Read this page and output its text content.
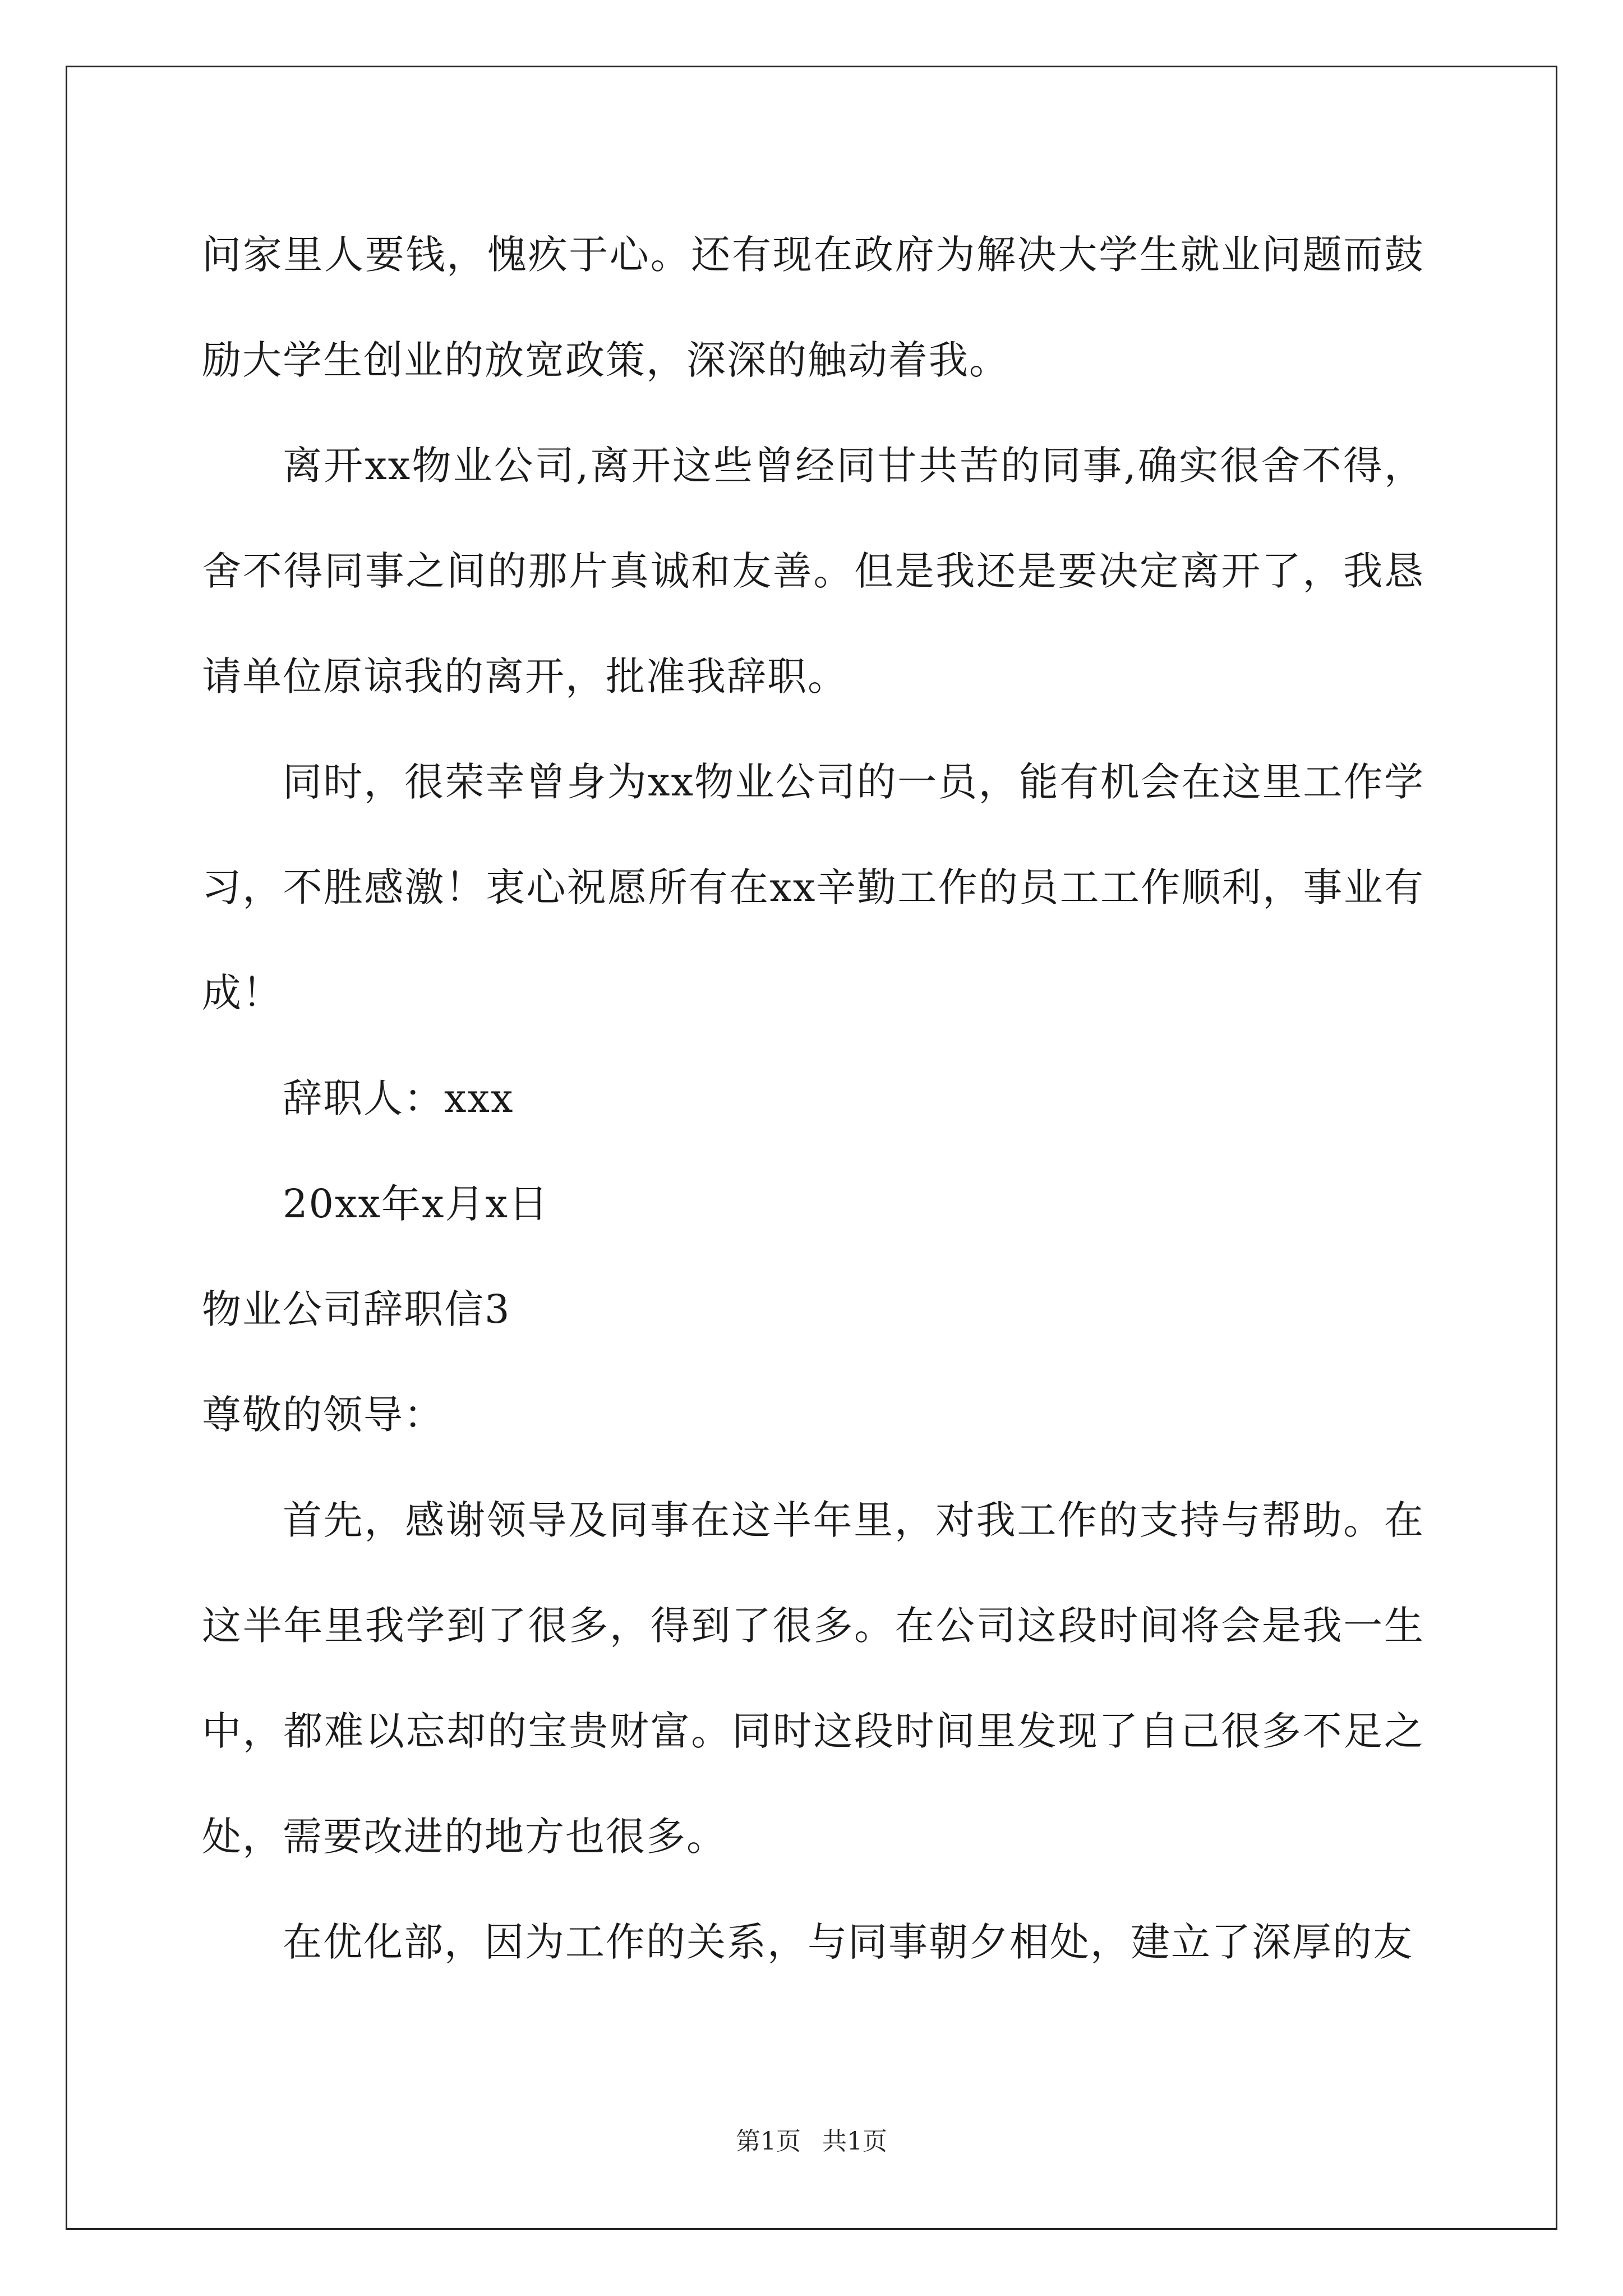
问家里人要钱，愧疚于心。还有现在政府为解决大学生就业问题而鼓励大学生创业的放宽政策，深深的触动着我。

离开xx物业公司,离开这些曾经同甘共苦的同事,确实很舍不得，舍不得同事之间的那片真诚和友善。但是我还是要决定离开了，我恳请单位原谅我的离开，批准我辞职。

同时，很荣幸曾身为xx物业公司的一员，能有机会在这里工作学习，不胜感激！衷心祝愿所有在xx辛勤工作的员工工作顺利，事业有成！

辞职人：xxx

20xx年x月x日

物业公司辞职信3

尊敬的领导：

首先，感谢领导及同事在这半年里，对我工作的支持与帮助。在这半年里我学到了很多，得到了很多。在公司这段时间将会是我一生中，都难以忘却的宝贵财富。同时这段时间里发现了自己很多不足之处，需要改进的地方也很多。

在优化部，因为工作的关系，与同事朝夕相处，建立了深厚的友

第1页 共1页
